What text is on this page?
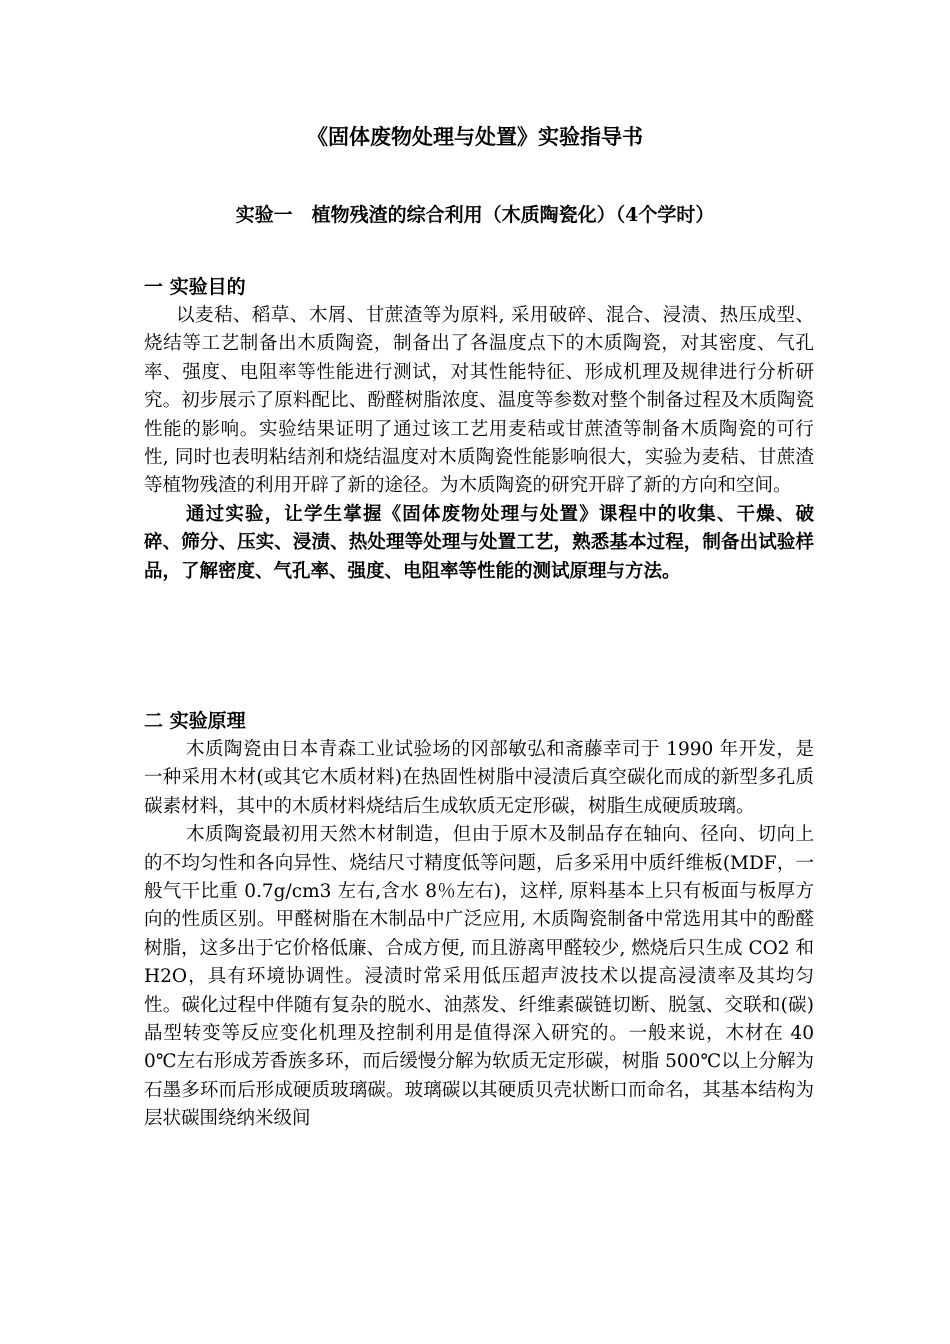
《固体废物处理与处置》实验指导书
实验一　植物残渣的综合利用（木质陶瓷化）（4个学时）
一 实验目的

以麦秸、稻草、木屑、甘蔗渣等为原料, 采用破碎、混合、浸渍、热压成型、烧结等工艺制备出木质陶瓷，制备出了各温度点下的木质陶瓷，对其密度、气孔率、强度、电阻率等性能进行测试，对其性能特征、形成机理及规律进行分析研究。初步展示了原料配比、酚醛树脂浓度、温度等参数对整个制备过程及木质陶瓷性能的影响。实验结果证明了通过该工艺用麦秸或甘蔗渣等制备木质陶瓷的可行性, 同时也表明粘结剂和烧结温度对木质陶瓷性能影响很大，实验为麦秸、甘蔗渣等植物残渣的利用开辟了新的途径。为木质陶瓷的研究开辟了新的方向和空间。

通过实验，让学生掌握《固体废物处理与处置》课程中的收集、干燥、破碎、筛分、压实、浸渍、热处理等处理与处置工艺，熟悉基本过程，制备出试验样品，了解密度、气孔率、强度、电阻率等性能的测试原理与方法。

二 实验原理

木质陶瓷由日本青森工业试验场的冈部敏弘和斋藤幸司于 1990 年开发，是一种采用木材(或其它木质材料)在热固性树脂中浸渍后真空碳化而成的新型多孔质碳素材料，其中的木质材料烧结后生成软质无定形碳，树脂生成硬质玻璃。

木质陶瓷最初用天然木材制造，但由于原木及制品存在轴向、径向、切向上的不均匀性和各向异性、烧结尺寸精度低等问题，后多采用中质纤维板(MDF，一般气干比重 0.7g/cm3 左右,含水 8％左右)，这样, 原料基本上只有板面与板厚方向的性质区别。甲醛树脂在木制品中广泛应用, 木质陶瓷制备中常选用其中的酚醛树脂，这多出于它价格低廉、合成方便, 而且游离甲醛较少, 燃烧后只生成 CO2 和 H2O，具有环境协调性。浸渍时常采用低压超声波技术以提高浸渍率及其均匀性。碳化过程中伴随有复杂的脱水、油蒸发、纤维素碳链切断、脱氢、交联和(碳)晶型转变等反应变化机理及控制利用是值得深入研究的。一般来说，木材在 400℃左右形成芳香族多环，而后缓慢分解为软质无定形碳，树脂 500℃以上分解为石墨多环而后形成硬质玻璃碳。玻璃碳以其硬质贝壳状断口而命名，其基本结构为层状碳围绕纳米级间
